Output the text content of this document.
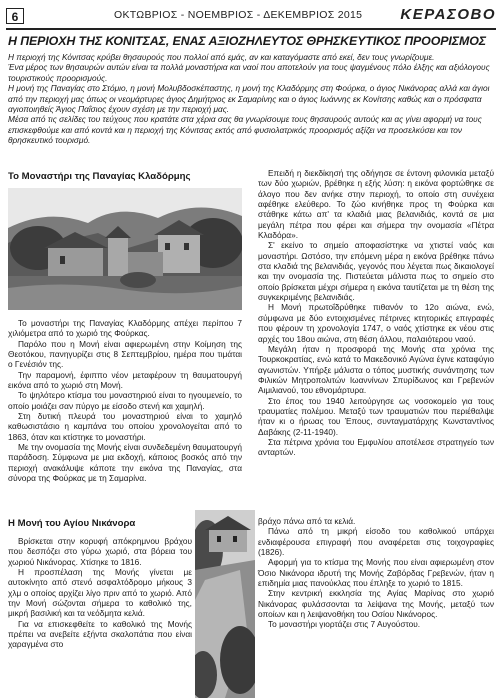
6	ΟΚΤΩΒΡΙΟΣ - ΝΟΕΜΒΡΙΟΣ - ΔΕΚΕΜΒΡΙΟΣ 2015	ΚΕΡΑΣΟΒΟ
Η ΠΕΡΙΟΧΗ ΤΗΣ ΚΟΝΙΤΣΑΣ, ΕΝΑΣ ΑΞΙΟΖΗΛΕΥΤΟΣ ΘΡΗΣΚΕΥΤΙΚΟΣ ΠΡΟΟΡΙΣΜΟΣ

Η περιοχή της Κόνιτσας κρύβει θησαυρούς που πολλοί από εμάς, αν και καταγόμαστε από εκεί, δεν τους γνωρίζουμε.

Ένα μέρος των θησαυρών αυτών είναι τα πολλά μοναστήρια και ναοί που αποτελούν για τους ψαγμένους πόλο έλξης και αξιόλογους τουριστικούς προορισμούς.

Η μονή της Παναγίας στο Στόμιο, η μονή Μολυβδοσκέπαστης, η μονή της Κλαδόρμης στη Φούρκα, ο άγιος Νικάνορας αλλά και άγιοι από την περιοχή μας όπως οι νεομάρτυρες άγιος Δημήτριος εκ Σαμαρίνης και ο άγιος Ιωάννης εκ Κονίτσης καθώς και ο πρόσφατα αγιοποιηθείς Άγιος Παΐσιος έχουν σχέση με την περιοχή μας.

Μέσα από τις σελίδες του τεύχους που κρατάτε στα χέρια σας θα γνωρίσουμε τους θησαυρούς αυτούς και ας γίνει αφορμή να τους επισκεφθούμε και από κοντά και η περιοχή της Κόνιτσας εκτός από φυσιολατρικός προορισμός αξίζει να προσελκύσει και τον θρησκευτικό τουρισμό.

Το Μοναστήρι της Παναγίας Κλαδόρμης

Το μοναστήρι της Παναγίας Κλαδόρμης απέχει περίπου 7 χιλιόμετρα από το χωριό της Φούρκας.

Παρόλο που η Μονή είναι αφιερωμένη στην Κοίμηση της Θεοτόκου, πανηγυρίζει στις 8 Σεπτεμβρίου, ημέρα που τιμάται ο Γενέσιόν της.

Την παραμονή, έφιππο νέον μεταφέρουν τη θαυματουργή εικόνα από το χωριό στη Μονή.

Το ψηλότερο κτίσμα του μοναστηριού είναι το ηγουμενείο, το οποίο μοιάζει σαν πύργο με είσοδο στενή και χαμηλή.

Στη δυτική πλευρά του μοναστηριού είναι το χαμηλό καθωσιστάσιο η καμπάνα του οποίου χρονολογείται από το 1863, όταν και κτίστηκε το μοναστήρι.

Με την ονομασία της Μονής είναι συνδεδεμένη θαυματουργή παράδοση. Σύμφωνα με μια εκδοχή, κάποιος βοσκός από την περιοχή ανακάλυψε κάποτε την εικόνα της Παναγίας, στα σύνορα της Φούρκας με τη Σαμαρίνα.

Επειδή η διεκδίκησή της οδήγησε σε έντονη φιλονικία μεταξύ των δύο χωριών, βρέθηκε η εξής λύση: η εικόνα φορτώθηκε σε άλογο που δεν ανήκε στην περιοχή, το οποίο στη συνέχεια αφέθηκε ελεύθερο. Το ζώο κινήθηκε προς τη Φούρκα και στάθηκε κάτω απ' τα κλαδιά μιας βελανιδιάς, κοντά σε μια μεγάλη πέτρα που φέρει και σήμερα την ονομασία «Πέτρα Κλαδόρα».

Σ' εκείνο το σημείο αποφασίστηκε να χτιστεί ναός και μοναστήρι. Ωστόσο, την επόμενη μέρα η εικόνα βρέθηκε πάνω στα κλαδιά της βελανιδιάς, γεγονός που λέγεται πως δικαιολογεί και την ονομασία της. Πιστεύεται μάλιστα πως το σημείο στο οποίο βρίσκεται μέχρι σήμερα η εικόνα ταυτίζεται με τη θέση της συγκεκριμένης βελανιδιάς.

Η Μονή πρωτοΐδρύθηκε πιθανόν το 12ο αιώνα, ενώ, σύμφωνα με δύο εντοιχισμένες πέτρινες κτητορικές επιγραφές που φέρουν τη χρονολογία 1747, ο ναός χτίστηκε εκ νέου στις αρχές του 18ου αιώνα, στη θέση άλλου, παλαιότερου ναού.

Μεγάλη ήταν η προσφορά της Μονής στα χρόνια της Τουρκοκρατίας, ενώ κατά το Μακεδονικό Αγώνα έγινε καταφύγιο αγωνιστών. Υπήρξε μάλιστα ο τόπος μυστικής συνάντησης των Φιλικών Μητροπολιτών Ιωαννίνων Σπυρίδωνος και Γρεβενών Αιμιλιανού, του εθνομάρτυρα.

Στο έπος του 1940 λειτούργησε ως νοσοκομείο για τους τραυματίες πολέμου. Μεταξύ των τραυματιών που περιέθαλψε ήταν κι ο ήρωας του Έπους, συνταγματάρχης Κωνσταντίνος Δαβάκης (2-11-1940).

Στα πέτρινα χρόνια του Εμφυλίου αποτέλεσε στρατηγείο των ανταρτών.

Η Μονή του Αγίου Νικάνορα	βράχο πάνω από τα κελιά.

Πάνω από τη μικρή είσοδο του καθολικού υπάρχει ενδιαφέρουσα επιγραφή που αναφέρεται στις τοιχογραφίες (1826).

Αφορμή για το κτίσμα της Μονής που είναι αφιερωμένη στον Όσιο Νικάνορα ιδρυτή της Μονής Ζαβόρδας Γρεβενών, ήταν η επιδημία μιας πανούκλας που έπληξε το χωριό το 1815.

Στην κεντρική εκκλησία της Αγίας Μαρίνας στο χωριό Νικάνορας φυλάσσονται τα λείψανα της Μονής, μεταξύ των οποίων και η λειψανοθήκη του Οσίου Νικάνορος.

Το μοναστήρι γιορτάζει στις 7 Αυγούστου.

Βρίσκεται στην κορυφή απόκρημνου βράχου που δεσπόζει στο γύρω χωριό, στα βόρεια του χωριού Νικάνορας. Χτίσηκε το 1816.

Η προσπέλαση της Μονής γίνεται με αυτοκίνητο από στενό ασφαλτόδρομο μήκους 3 χλμ ο οποίος αρχίζει λίγο πριν από το χωριό. Από την Μονή σώζονται σήμερα το καθολικό της, μικρή βασιλική και τα νεόδμητα κελιά.

Για να επισκεφθείτε το καθολικό της Μονής πρέπει να ανεβείτε εξήντα σκαλοπάτια που είναι χαραγμένα στο
